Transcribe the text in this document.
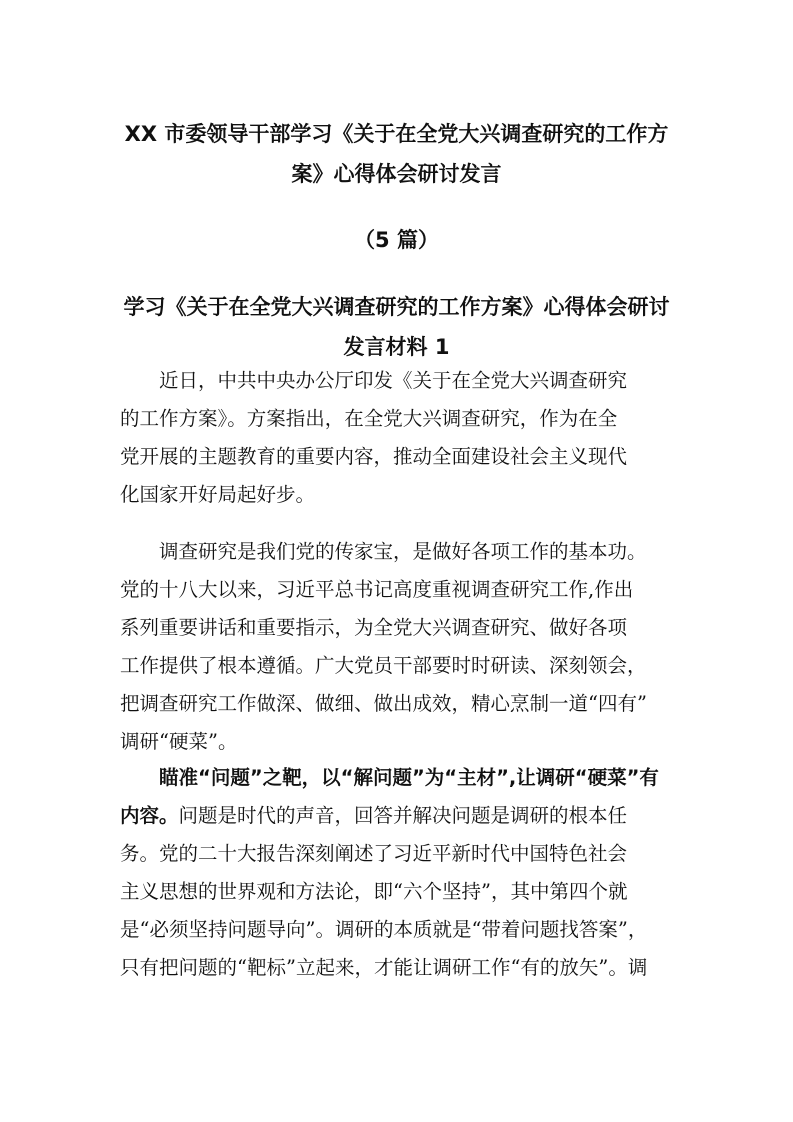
XX 市委领导干部学习《关于在全党大兴调查研究的工作方
案》心得体会研讨发言
（5 篇）
学习《关于在全党大兴调查研究的工作方案》心得体会研讨
发言材料 1
近日，中共中央办公厅印发《关于在全党大兴调查研究
的工作方案》。方案指出，在全党大兴调查研究，作为在全
党开展的主题教育的重要内容，推动全面建设社会主义现代
化国家开好局起好步。
调查研究是我们党的传家宝，是做好各项工作的基本功。
党的十八大以来，习近平总书记高度重视调查研究工作,作出
系列重要讲话和重要指示，为全党大兴调查研究、做好各项
工作提供了根本遵循。广大党员干部要时时研读、深刻领会，
把调查研究工作做深、做细、做出成效，精心烹制一道“四有”
调研“硬菜”。
瞄准“问题”之靶，以“解问题”为“主材”,让调研“硬菜”有
内容。问题是时代的声音，回答并解决问题是调研的根本任
务。党的二十大报告深刻阐述了习近平新时代中国特色社会
主义思想的世界观和方法论，即“六个坚持”，其中第四个就
是“必须坚持问题导向”。调研的本质就是“带着问题找答案”，
只有把问题的“靶标”立起来，才能让调研工作“有的放矢”。调
